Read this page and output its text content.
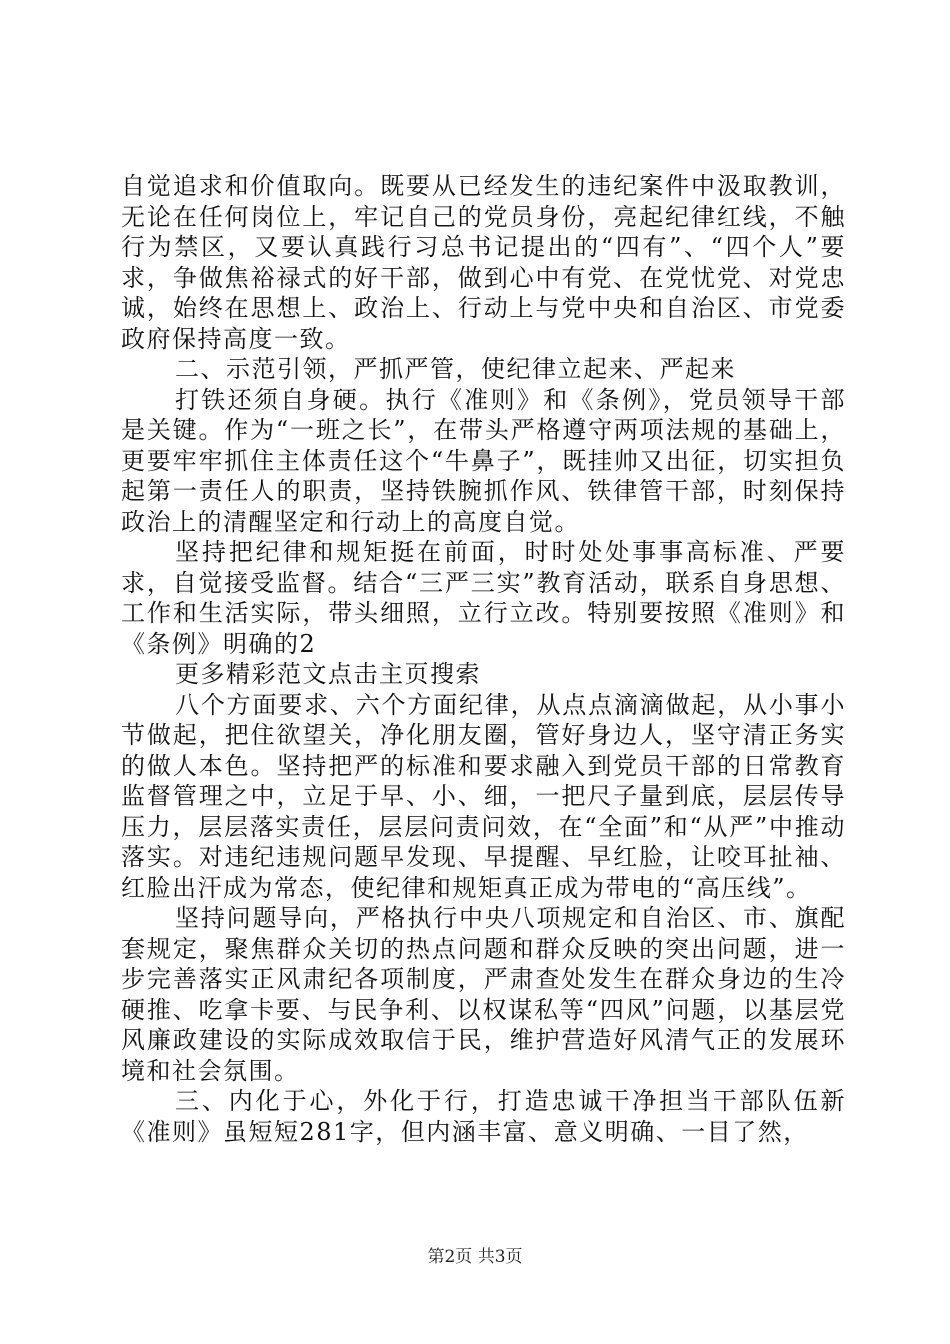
自觉追求和价值取向。既要从已经发生的违纪案件中汲取教训，无论在任何岗位上，牢记自己的党员身份，亮起纪律红线，不触行为禁区，又要认真践行习总书记提出的“四有”、“四个人”要求，争做焦裕禄式的好干部，做到心中有党、在党忧党、对党忠诚，始终在思想上、政治上、行动上与党中央和自治区、市党委政府保持高度一致。

二、示范引领，严抓严管，使纪律立起来、严起来

打铁还须自身硬。执行《准则》和《条例》，党员领导干部是关键。作为“一班之长”，在带头严格遵守两项法规的基础上，更要牢牢抓住主体责任这个“牛鼻子”，既挂帅又出征，切实担负起第一责任人的职责，坚持铁腕抓作风、铁律管干部，时刻保持政治上的清醒坚定和行动上的高度自觉。

坚持把纪律和规矩挺在前面，时时处处事事高标准、严要求，自觉接受监督。结合“三严三实”教育活动，联系自身思想、工作和生活实际，带头细照，立行立改。特别要按照《准则》和《条例》明确的2

更多精彩范文点击主页搜索

八个方面要求、六个方面纪律，从点点滴滴做起，从小事小节做起，把住欲望关，净化朋友圈，管好身边人，坚守清正务实的做人本色。坚持把严的标准和要求融入到党员干部的日常教育监督管理之中，立足于早、小、细，一把尺子量到底，层层传导压力，层层落实责任，层层问责问效，在“全面”和“从严”中推动落实。对违纪违规问题早发现、早提醒、早红脸，让咬耳扯袖、红脸出汗成为常态，使纪律和规矩真正成为带电的“高压线”。

坚持问题导向，严格执行中央八项规定和自治区、市、旗配套规定，聚焦群众关切的热点问题和群众反映的突出问题，进一步完善落实正风肃纪各项制度，严肃查处发生在群众身边的生冷硬推、吃拿卡要、与民争利、以权谋私等“四风”问题，以基层党风廉政建设的实际成效取信于民，维护营造好风清气正的发展环境和社会氛围。

三、内化于心，外化于行，打造忠诚干净担当干部队伍新《准则》虽短短281字，但内涵丰富、意义明确、一目了然，

第2页 共3页
